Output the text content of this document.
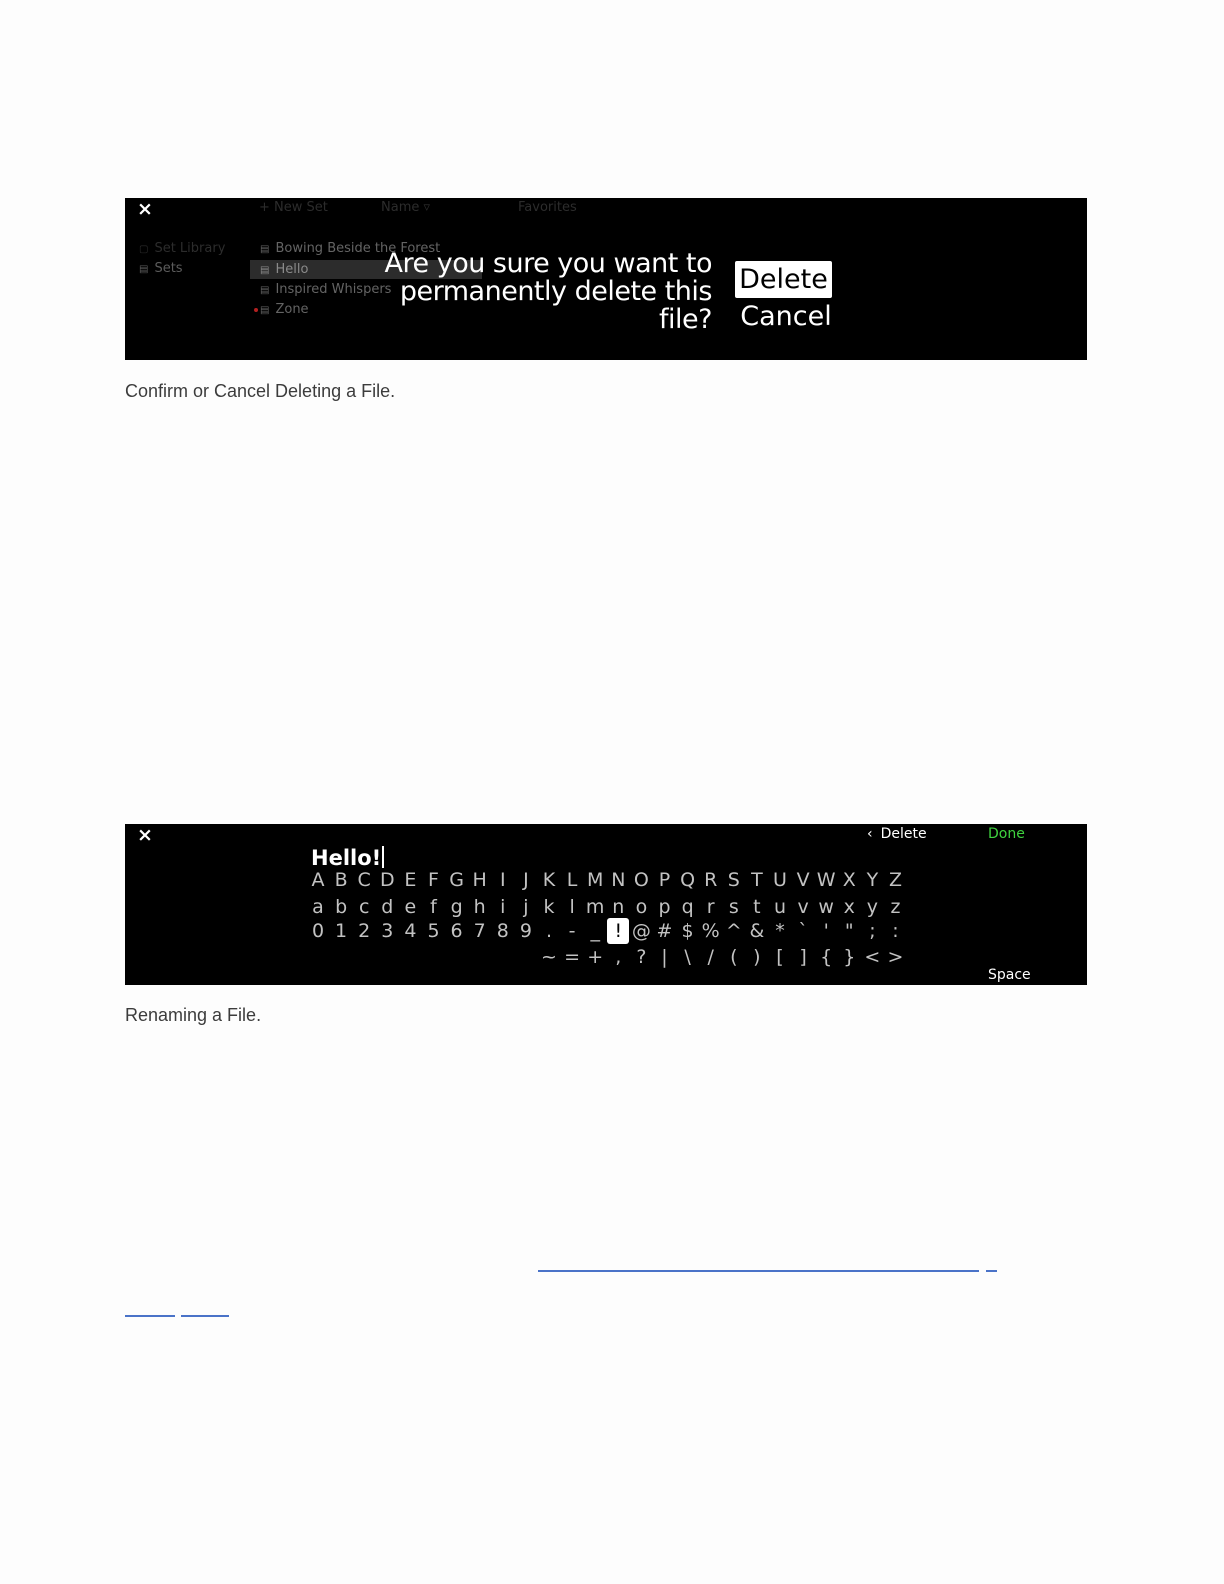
×	+ New Set	Name ▿	Favorites
▢ Set Library
▤ Sets
▤ Bowing Beside the Forest
▤ Hello
▤ Inspired Whispers
▤ Zone
Are you sure you want to
permanently delete this file?
Delete
Cancel
Confirm or Cancel Deleting a File.
×	‹ Delete	Done
Hello!
A B C D E F G H I J K L M N O P Q R S T U V W X Y Z
a b c d e f g h i j k l m n o p q r s t u v w x y z
0 1 2 3 4 5 6 7 8 9 . - _ ! @ # $ % ^ & * ` ' " ; :
~ = + , ? | \ / ( ) [ ] { } < >
Space
Renaming a File.
